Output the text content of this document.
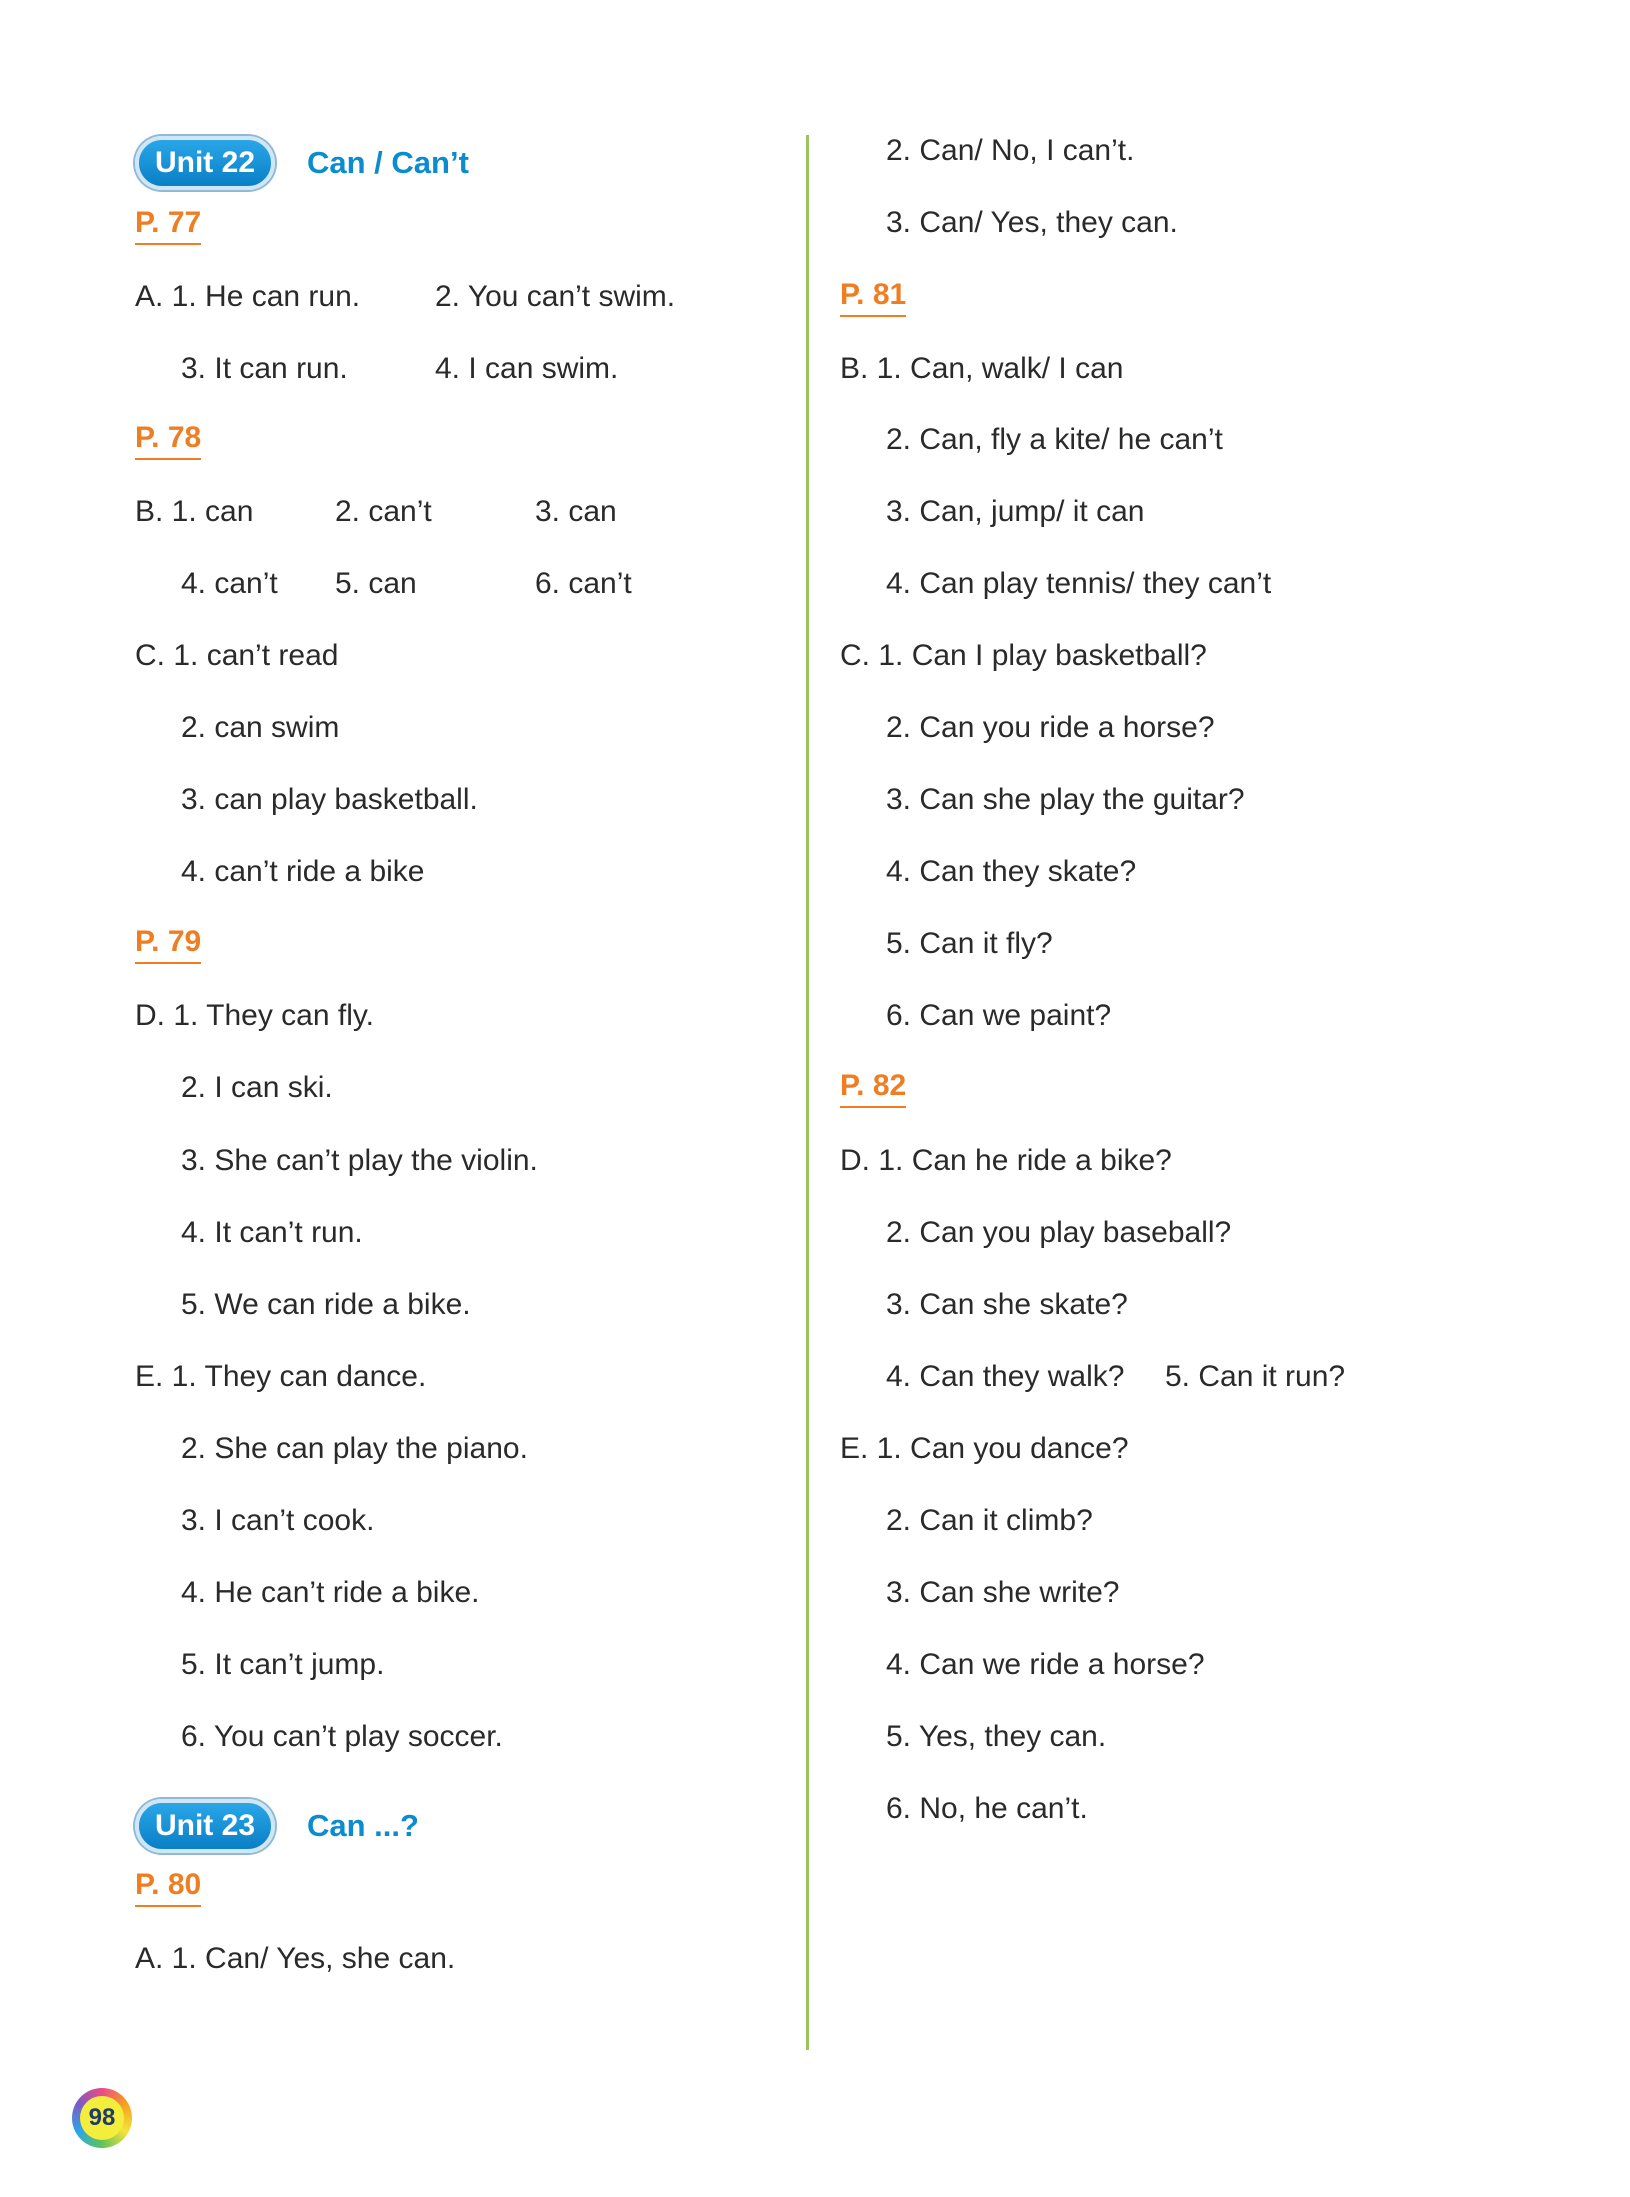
Unit 22	Can / Can’t
P. 77
A. 1. He can run. 2. You can’t swim.
3. It can run.	4. I can swim.
P. 78
B. 1. can	2. can’t	3. can
4. can’t 5. can	6. can’t
C. 1. can’t read
2. can swim
3. can play basketball.
4. can’t ride a bike
P. 79
D. 1. They can fly.
2. I can ski.
3. She can’t play the violin.
4. It can’t run.
5. We can ride a bike.
E. 1. They can dance.
2. She can play the piano.
3. I can’t cook.
4. He can’t ride a bike.
5. It can’t jump.
6. You can’t play soccer.
Unit 23	Can ...?
P. 80
A. 1. Can/ Yes, she can.
2. Can/ No, I can’t.
3. Can/ Yes, they can.
P. 81
B. 1. Can, walk/ I can
2. Can, fly a kite/ he can’t
3. Can, jump/ it can
4. Can play tennis/ they can’t
C. 1. Can I play basketball?
2. Can you ride a horse?
3. Can she play the guitar?
4. Can they skate?
5. Can it fly?
6. Can we paint?
P. 82
D. 1. Can he ride a bike?
2. Can you play baseball?
3. Can she skate?
4. Can they walk? 5. Can it run?
E. 1. Can you dance?
2. Can it climb?
3. Can she write?
4. Can we ride a horse?
5. Yes, they can.
6. No, he can’t.
98
